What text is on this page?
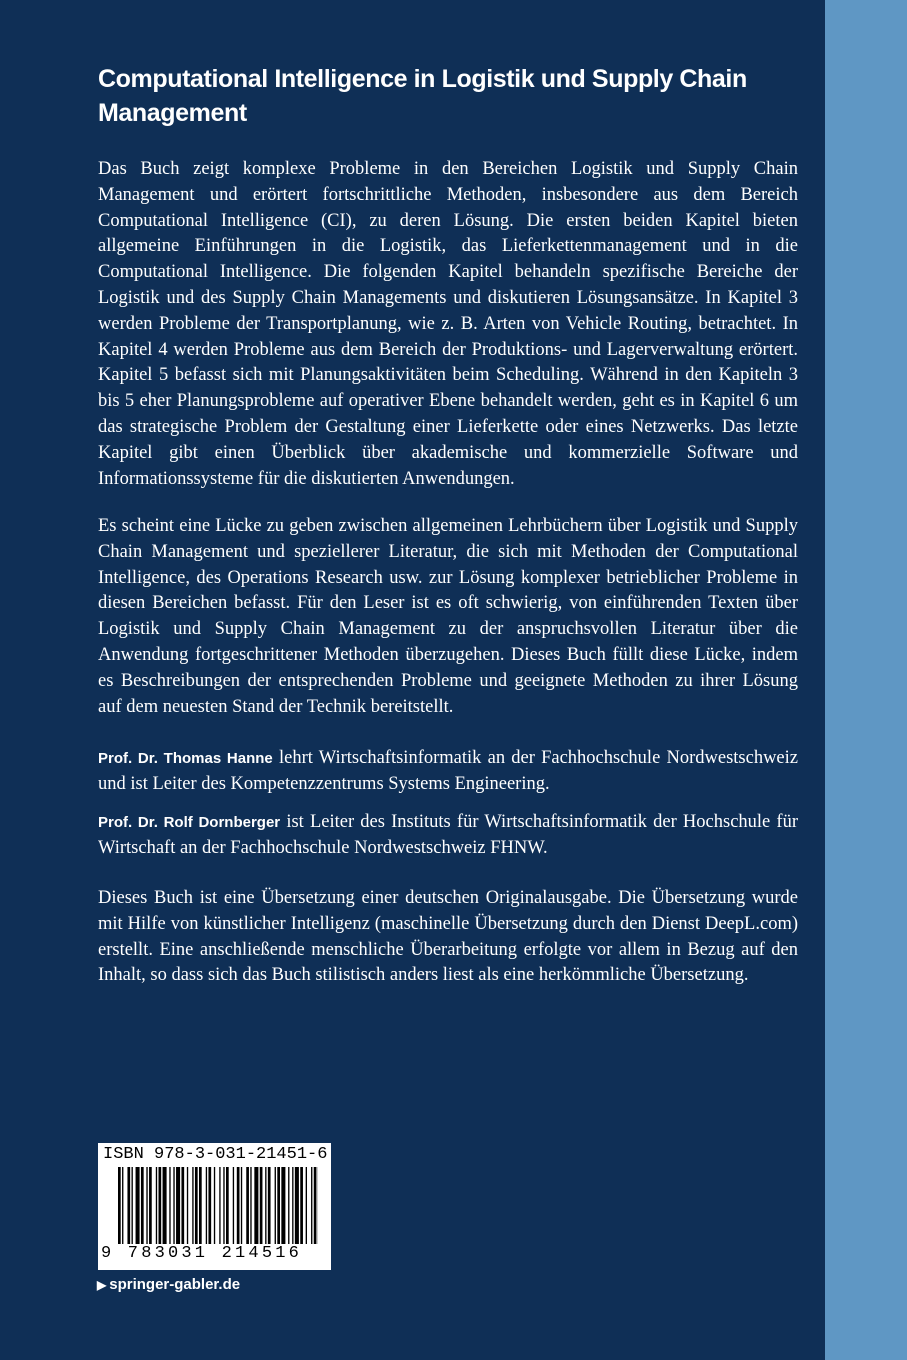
Computational Intelligence in Logistik und Supply Chain Management
Das Buch zeigt komplexe Probleme in den Bereichen Logistik und Supply Chain Management und erörtert fortschrittliche Methoden, insbesondere aus dem Bereich Computational Intelligence (CI), zu deren Lösung. Die ersten beiden Kapitel bieten allgemeine Einführungen in die Logistik, das Lieferkettenmanagement und in die Computational Intelligence. Die folgenden Kapitel behandeln spezifische Bereiche der Logistik und des Supply Chain Managements und diskutieren Lösungsansätze. In Kapitel 3 werden Probleme der Transportplanung, wie z. B. Arten von Vehicle Routing, betrachtet. In Kapitel 4 werden Probleme aus dem Bereich der Produktions- und Lagerverwaltung erörtert. Kapitel 5 befasst sich mit Planungsaktivitäten beim Scheduling. Während in den Kapiteln 3 bis 5 eher Planungsprobleme auf operativer Ebene behandelt werden, geht es in Kapitel 6 um das strategische Problem der Gestaltung einer Lieferkette oder eines Netzwerks. Das letzte Kapitel gibt einen Überblick über akademische und kommerzielle Software und Informationssysteme für die diskutierten Anwendungen.
Es scheint eine Lücke zu geben zwischen allgemeinen Lehrbüchern über Logistik und Supply Chain Management und speziellerer Literatur, die sich mit Methoden der Computational Intelligence, des Operations Research usw. zur Lösung komplexer betrieblicher Probleme in diesen Bereichen befasst. Für den Leser ist es oft schwierig, von einführenden Texten über Logistik und Supply Chain Management zu der anspruchsvollen Literatur über die Anwendung fortgeschrittener Methoden überzugehen. Dieses Buch füllt diese Lücke, indem es Beschreibungen der entsprechenden Probleme und geeignete Methoden zu ihrer Lösung auf dem neuesten Stand der Technik bereitstellt.
Prof. Dr. Thomas Hanne lehrt Wirtschaftsinformatik an der Fachhochschule Nordwestschweiz und ist Leiter des Kompetenzzentrums Systems Engineering.
Prof. Dr. Rolf Dornberger ist Leiter des Instituts für Wirtschaftsinformatik der Hochschule für Wirtschaft an der Fachhochschule Nordwestschweiz FHNW.
Dieses Buch ist eine Übersetzung einer deutschen Originalausgabe. Die Übersetzung wurde mit Hilfe von künstlicher Intelligenz (maschinelle Übersetzung durch den Dienst DeepL.com) erstellt. Eine anschließende menschliche Überarbeitung erfolgte vor allem in Bezug auf den Inhalt, so dass sich das Buch stilistisch anders liest als eine herkömmliche Übersetzung.
ISBN 978-3-031-21451-6
9 783031 214516
▶ springer-gabler.de
